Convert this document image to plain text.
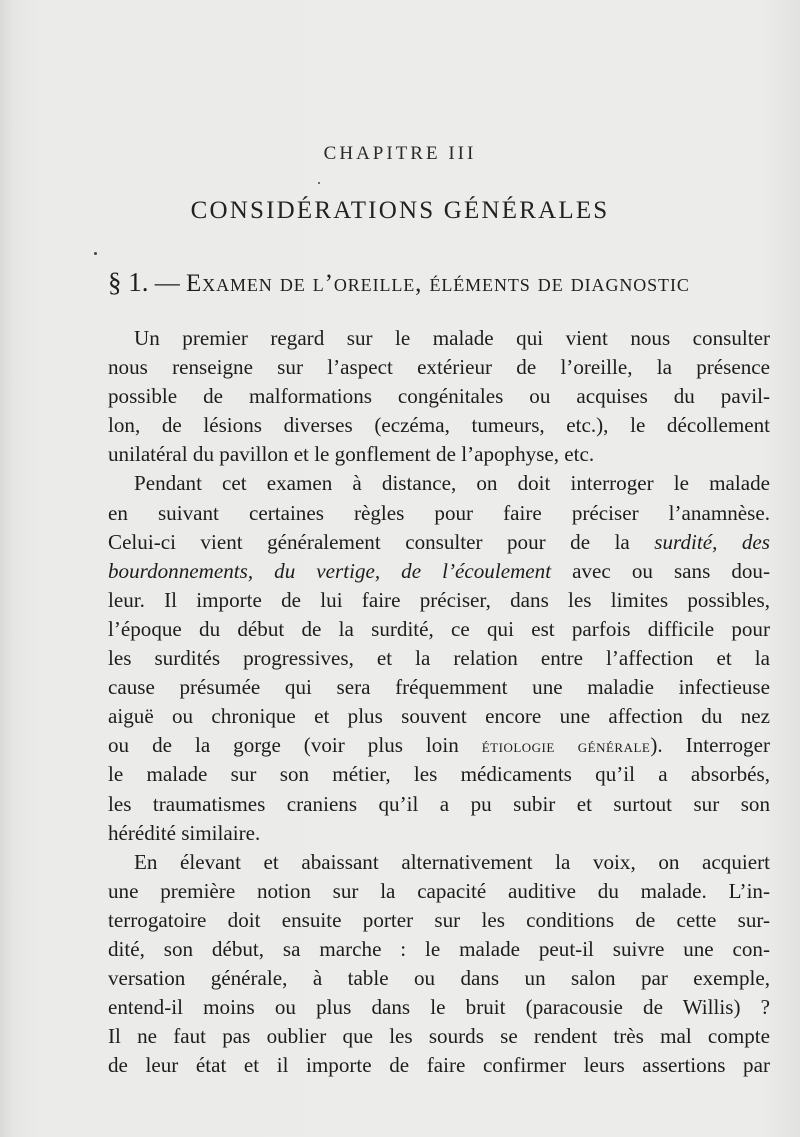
CHAPITRE III
CONSIDÉRATIONS GÉNÉRALES
§ 1. — Examen de l’oreille, éléments de diagnostic
Un premier regard sur le malade qui vient nous consulter
nous renseigne sur l’aspect extérieur de l’oreille, la présence
possible de malformations congénitales ou acquises du pavil-
lon, de lésions diverses (eczéma, tumeurs, etc.), le décollement
unilatéral du pavillon et le gonflement de l’apophyse, etc.
Pendant cet examen à distance, on doit interroger le malade
en suivant certaines règles pour faire préciser l’anamnèse.
Celui-ci vient généralement consulter pour de la surdité, des
bourdonnements, du vertige, de l’écoulement avec ou sans dou-
leur. Il importe de lui faire préciser, dans les limites possibles,
l’époque du début de la surdité, ce qui est parfois difficile pour
les surdités progressives, et la relation entre l’affection et la
cause présumée qui sera fréquemment une maladie infectieuse
aiguë ou chronique et plus souvent encore une affection du nez
ou de la gorge (voir plus loin étiologie générale). Interroger
le malade sur son métier, les médicaments qu’il a absorbés,
les traumatismes craniens qu’il a pu subir et surtout sur son
hérédité similaire.
En élevant et abaissant alternativement la voix, on acquiert
une première notion sur la capacité auditive du malade. L’in-
terrogatoire doit ensuite porter sur les conditions de cette sur-
dité, son début, sa marche : le malade peut-il suivre une con-
versation générale, à table ou dans un salon par exemple,
entend-il moins ou plus dans le bruit (paracousie de Willis) ?
Il ne faut pas oublier que les sourds se rendent très mal compte
de leur état et il importe de faire confirmer leurs assertions par
